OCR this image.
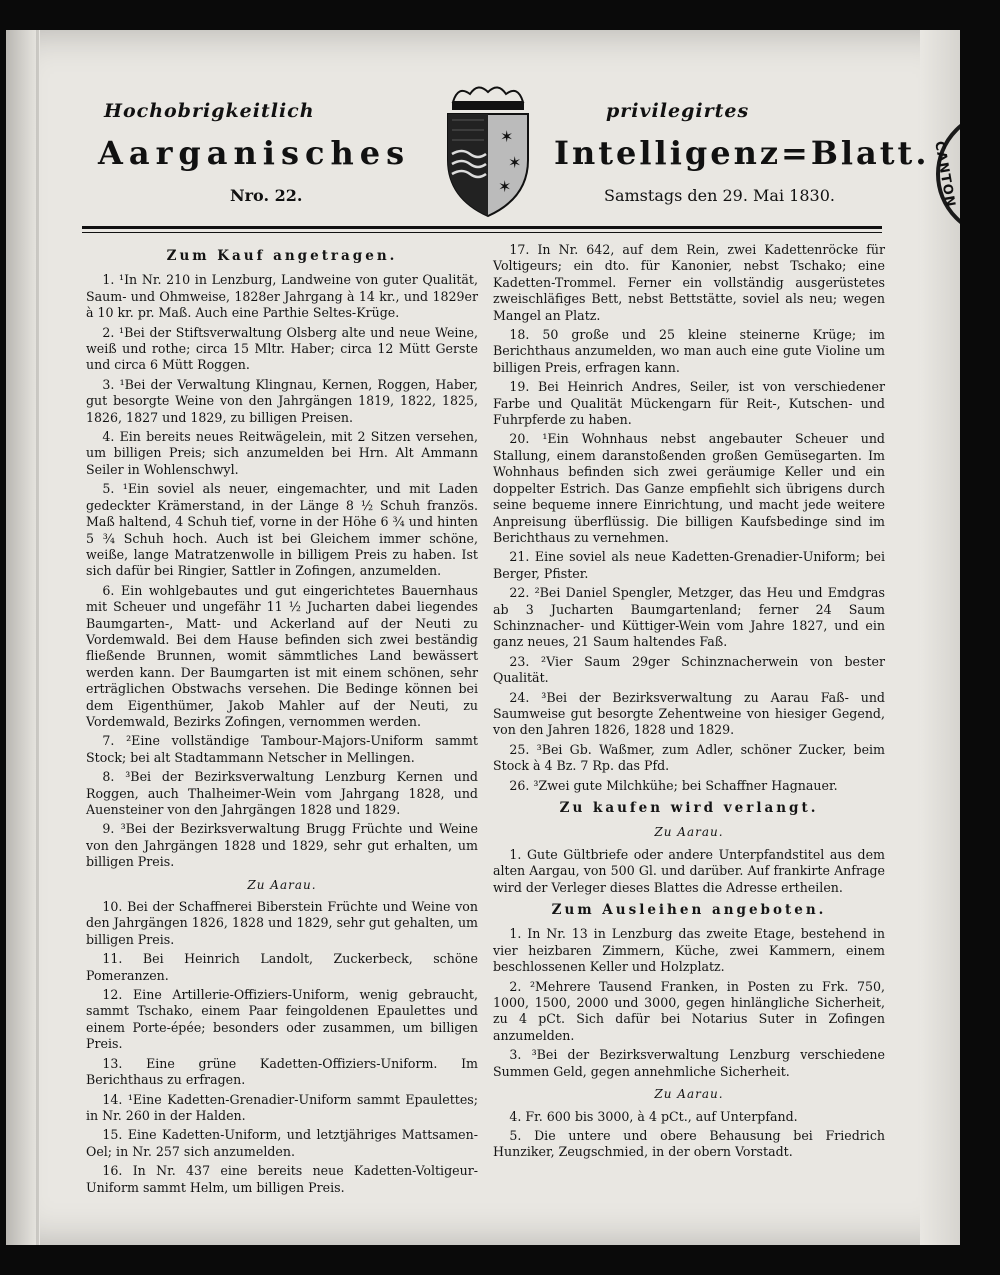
CANTON
Hochobrigkeitlich	privilegirtes
Aarganisches	Intelligenz=Blatt.
Nro. 22.	Samstags den 29. Mai 1830.
✶
✶
✶
Zum Kauf angetragen.

1. ¹In Nr. 210 in Lenzburg, Landweine von guter Qualität, Saum- und Ohmweise, 1828er Jahrgang à 14 kr., und 1829er à 10 kr. pr. Maß. Auch eine Parthie Seltes-Krüge.

2. ¹Bei der Stiftsverwaltung Olsberg alte und neue Weine, weiß und rothe; circa 15 Mltr. Haber; circa 12 Mütt Gerste und circa 6 Mütt Roggen.

3. ¹Bei der Verwaltung Klingnau, Kernen, Roggen, Haber, gut besorgte Weine von den Jahrgängen 1819, 1822, 1825, 1826, 1827 und 1829, zu billigen Preisen.

4. Ein bereits neues Reitwägelein, mit 2 Sitzen versehen, um billigen Preis; sich anzumelden bei Hrn. Alt Ammann Seiler in Wohlenschwyl.

5. ¹Ein soviel als neuer, eingemachter, und mit Laden gedeckter Krämerstand, in der Länge 8 ½ Schuh französ. Maß haltend, 4 Schuh tief, vorne in der Höhe 6 ¾ und hinten 5 ¾ Schuh hoch. Auch ist bei Gleichem immer schöne, weiße, lange Matratzenwolle in billigem Preis zu haben. Ist sich dafür bei Ringier, Sattler in Zofingen, anzumelden.

6. Ein wohlgebautes und gut eingerichtetes Bauernhaus mit Scheuer und ungefähr 11 ½ Jucharten dabei liegendes Baumgarten-, Matt- und Ackerland auf der Neuti zu Vordemwald. Bei dem Hause befinden sich zwei beständig fließende Brunnen, womit sämmtliches Land bewässert werden kann. Der Baumgarten ist mit einem schönen, sehr erträglichen Obstwachs versehen. Die Bedinge können bei dem Eigenthümer, Jakob Mahler auf der Neuti, zu Vordemwald, Bezirks Zofingen, vernommen werden.

7. ²Eine vollständige Tambour-Majors-Uniform sammt Stock; bei alt Stadtammann Netscher in Mellingen.

8. ³Bei der Bezirksverwaltung Lenzburg Kernen und Roggen, auch Thalheimer-Wein vom Jahrgang 1828, und Auensteiner von den Jahrgängen 1828 und 1829.

9. ³Bei der Bezirksverwaltung Brugg Früchte und Weine von den Jahrgängen 1828 und 1829, sehr gut erhalten, um billigen Preis.

Zu Aarau.

10. Bei der Schaffnerei Biberstein Früchte und Weine von den Jahrgängen 1826, 1828 und 1829, sehr gut gehalten, um billigen Preis.

11. Bei Heinrich Landolt, Zuckerbeck, schöne Pomeranzen.

12. Eine Artillerie-Offiziers-Uniform, wenig gebraucht, sammt Tschako, einem Paar feingoldenen Epaulettes und einem Porte-épée; besonders oder zusammen, um billigen Preis.

13. Eine grüne Kadetten-Offiziers-Uniform. Im Berichthaus zu erfragen.

14. ¹Eine Kadetten-Grenadier-Uniform sammt Epaulettes; in Nr. 260 in der Halden.

15. Eine Kadetten-Uniform, und letztjähriges Mattsamen-Oel; in Nr. 257 sich anzumelden.

16. In Nr. 437 eine bereits neue Kadetten-Voltigeur-Uniform sammt Helm, um billigen Preis.

17. In Nr. 642, auf dem Rein, zwei Kadettenröcke für Voltigeurs; ein dto. für Kanonier, nebst Tschako; eine Kadetten-Trommel. Ferner ein vollständig ausgerüstetes zweischläfiges Bett, nebst Bettstätte, soviel als neu; wegen Mangel an Platz.

18. 50 große und 25 kleine steinerne Krüge; im Berichthaus anzumelden, wo man auch eine gute Violine um billigen Preis, erfragen kann.

19. Bei Heinrich Andres, Seiler, ist von verschiedener Farbe und Qualität Mückengarn für Reit-, Kutschen- und Fuhrpferde zu haben.

20. ¹Ein Wohnhaus nebst angebauter Scheuer und Stallung, einem daranstoßenden großen Gemüsegarten. Im Wohnhaus befinden sich zwei geräumige Keller und ein doppelter Estrich. Das Ganze empfiehlt sich übrigens durch seine bequeme innere Einrichtung, und macht jede weitere Anpreisung überflüssig. Die billigen Kaufsbedinge sind im Berichthaus zu vernehmen.

21. Eine soviel als neue Kadetten-Grenadier-Uniform; bei Berger, Pfister.

22. ²Bei Daniel Spengler, Metzger, das Heu und Emdgras ab 3 Jucharten Baumgartenland; ferner 24 Saum Schinznacher- und Küttiger-Wein vom Jahre 1827, und ein ganz neues, 21 Saum haltendes Faß.

23. ²Vier Saum 29ger Schinznacherwein von bester Qualität.

24. ³Bei der Bezirksverwaltung zu Aarau Faß- und Saumweise gut besorgte Zehentweine von hiesiger Gegend, von den Jahren 1826, 1828 und 1829.

25. ³Bei Gb. Waßmer, zum Adler, schöner Zucker, beim Stock à 4 Bz. 7 Rp. das Pfd.

26. ³Zwei gute Milchkühe; bei Schaffner Hagnauer.

Zu kaufen wird verlangt.
Zu Aarau.

1. Gute Gültbriefe oder andere Unterpfandstitel aus dem alten Aargau, von 500 Gl. und darüber. Auf frankirte Anfrage wird der Verleger dieses Blattes die Adresse ertheilen.

Zum Ausleihen angeboten.

1. In Nr. 13 in Lenzburg das zweite Etage, bestehend in vier heizbaren Zimmern, Küche, zwei Kammern, einem beschlossenen Keller und Holzplatz.

2. ²Mehrere Tausend Franken, in Posten zu Frk. 750, 1000, 1500, 2000 und 3000, gegen hinlängliche Sicherheit, zu 4 pCt. Sich dafür bei Notarius Suter in Zofingen anzumelden.

3. ³Bei der Bezirksverwaltung Lenzburg verschiedene Summen Geld, gegen annehmliche Sicherheit.

Zu Aarau.

4. Fr. 600 bis 3000, à 4 pCt., auf Unterpfand.

5. Die untere und obere Behausung bei Friedrich Hunziker, Zeugschmied, in der obern Vorstadt.
